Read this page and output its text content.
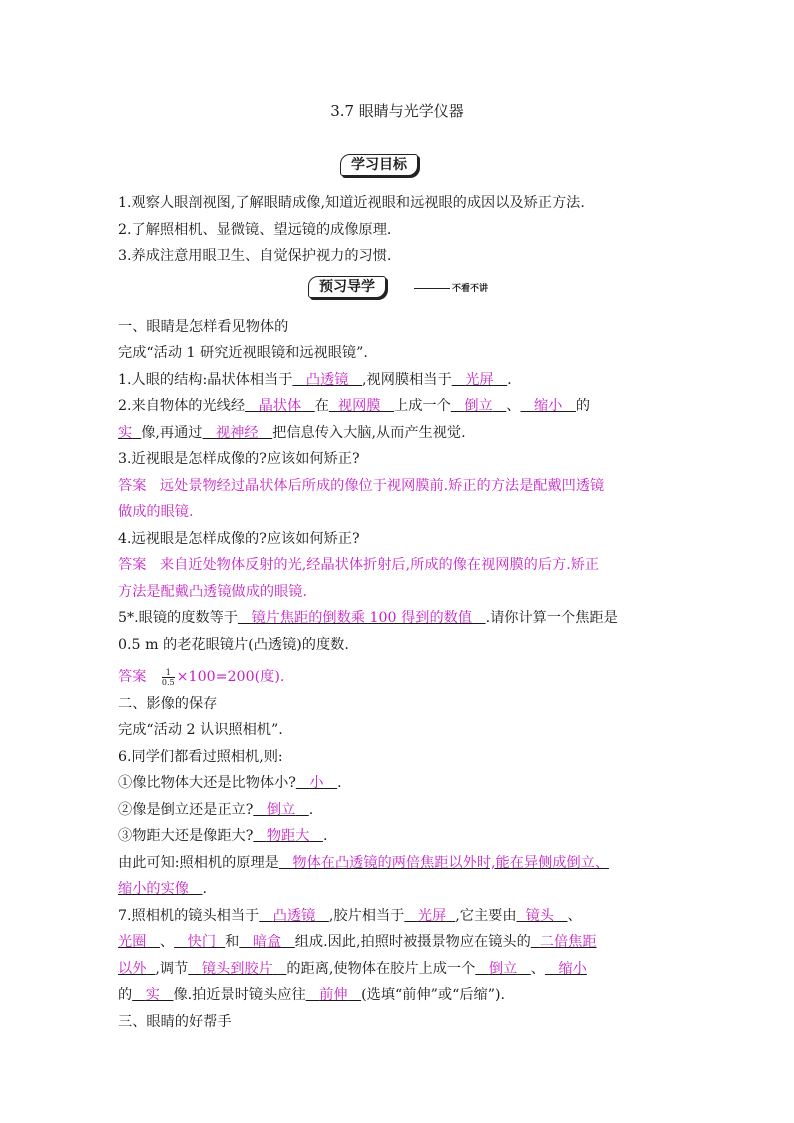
3.7 眼睛与光学仪器
学习目标
预习导学	不看不讲
1.观察人眼剖视图,了解眼睛成像,知道近视眼和远视眼的成因以及矫正方法.
2.了解照相机、显微镜、望远镜的成像原理.
3.养成注意用眼卫生、自觉保护视力的习惯.
一、眼睛是怎样看见物体的
完成“活动 1 研究近视眼镜和远视眼镜”.
1.人眼的结构:晶状体相当于 凸透镜 ,视网膜相当于 光屏 .
2.来自物体的光线经 晶状体 在 视网膜 上成一个 倒立 、 缩小 的
实 像,再通过 视神经 把信息传入大脑,从而产生视觉.
3.近视眼是怎样成像的?应该如何矫正?
答案 远处景物经过晶状体后所成的像位于视网膜前.矫正的方法是配戴凹透镜
做成的眼镜.
4.远视眼是怎样成像的?应该如何矫正?
答案 来自近处物体反射的光,经晶状体折射后,所成的像在视网膜的后方.矫正
方法是配戴凸透镜做成的眼镜.
5*.眼镜的度数等于 镜片焦距的倒数乘 100 得到的数值 .请你计算一个焦距是
0.5 m 的老花眼镜片(凸透镜)的度数.
答案 $\frac{1}{0.5} \times 100=200$(度).
二、影像的保存
完成“活动 2 认识照相机”.
6.同学们都看过照相机,则:
①像比物体大还是比物体小? 小 .
②像是倒立还是正立? 倒立 .
③物距大还是像距大? 物距大 .
由此可知:照相机的原理是 物体在凸透镜的两倍焦距以外时,能在异侧成倒立、
缩小的实像 .
7.照相机的镜头相当于 凸透镜 ,胶片相当于 光屏 ,它主要由 镜头 、
光圈 、 快门 和 暗盒 组成.因此,拍照时被摄景物应在镜头的 二倍焦距
以外 ,调节 镜头到胶片 的距离,使物体在胶片上成一个 倒立 、 缩小
的 实 像.拍近景时镜头应往 前伸 (选填“前伸”或“后缩”).
三、眼睛的好帮手
